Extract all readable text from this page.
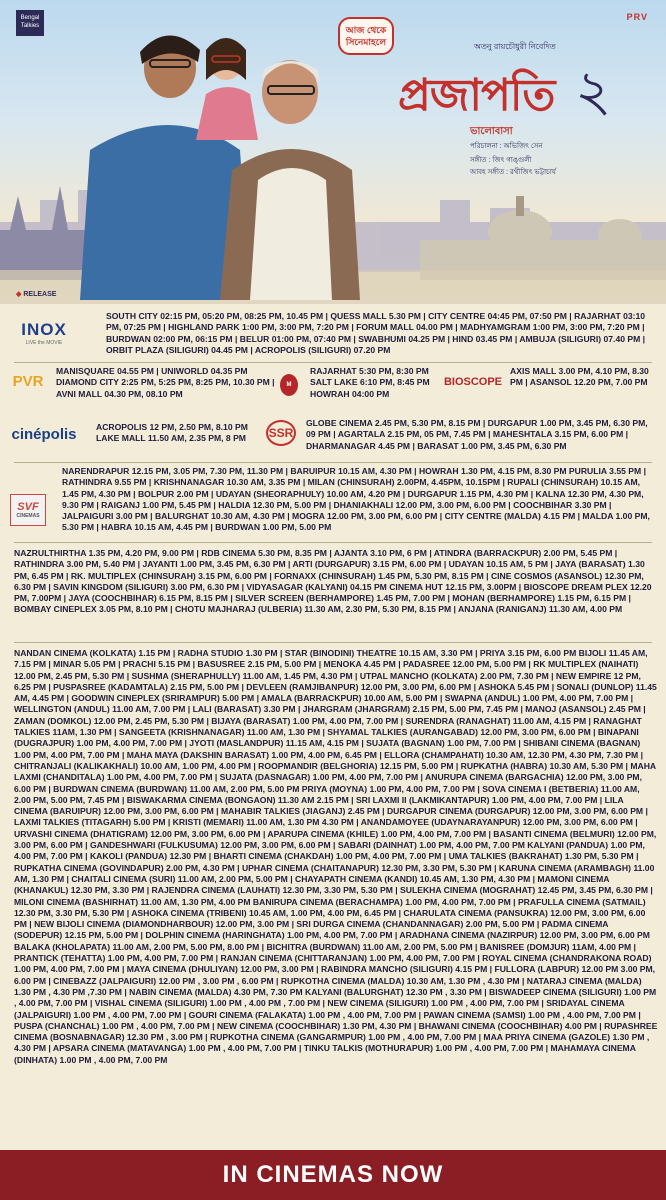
Bengal Talkies
PRV
আজ থেকে সিনেমাহলে	অতনু রায়চৌধুরী নিবেদিত
প্রজাপতি ২
ভালোবাসা
পরিচালনা : অভিজিৎ সেন
সঙ্গীত : জিৎ গাঙ্গুলী
আবহ সঙ্গীত : রথীজিৎ ভট্টাচার্য
◆ RELEASE
INOX
LIVE the MOVIE
SOUTH CITY 02:15 PM, 05:20 PM, 08:25 PM, 10.45 PM | QUESS MALL 5.30 PM | CITY CENTRE 04:45 PM, 07:50 PM | RAJARHAT 03:10 PM, 07:25 PM | HIGHLAND PARK 1:00 PM, 3:00 PM, 7:20 PM | FORUM MALL 04.00 PM | MADHYAMGRAM 1:00 PM, 3:00 PM, 7:20 PM | BURDWAN 02:00 PM, 06:15 PM | BELUR 01:00 PM, 07:40 PM | SWABHUMI 04.25 PM | HIND 03.45 PM | AMBUJA (SILIGURI) 07.40 PM | ORBIT PLAZA (SILIGURI) 04.45 PM | ACROPOLIS (SILIGURI) 07.20 PM
PVR
MANISQUARE 04.55 PM | UNIWORLD 04.35 PM DIAMOND CITY 2:25 PM, 5:25 PM, 8:25 PM, 10.30 PM | AVNI MALL 04.30 PM, 08.10 PM
M
RAJARHAT 5:30 PM, 8:30 PM SALT LAKE 6:10 PM, 8:45 PM HOWRAH 04:00 PM
BIOSCOPE
AXIS MALL 3.00 PM, 4.10 PM, 8.30 PM | ASANSOL 12.20 PM, 7.00 PM
cinépolis	ACROPOLIS 12 PM, 2.50 PM, 8.10 PM LAKE MALL 11.50 AM, 2.35 PM, 8 PM	SSR
GLOBE CINEMA 2.45 PM, 5.30 PM, 8.15 PM | DURGAPUR 1.00 PM, 3.45 PM, 6.30 PM, 09 PM | AGARTALA 2.15 PM, 05 PM, 7.45 PM | MAHESHTALA 3.15 PM, 6.00 PM | DHARMANAGAR 4.45 PM | BARASAT 1.00 PM, 3.45 PM, 6.30 PM
SVF
CINEMAS
NARENDRAPUR 12.15 PM, 3.05 PM, 7.30 PM, 11.30 PM | BARUIPUR 10.15 AM, 4.30 PM | HOWRAH 1.30 PM, 4.15 PM, 8.30 PM PURULIA 3.55 PM | RATHINDRA 9.55 PM | KRISHNANAGAR 10.30 AM, 3.35 PM | MILAN (CHINSURAH) 2.00PM, 4.45PM, 10.15PM | RUPALI (CHINSURAH) 10.15 AM, 1.45 PM, 4.30 PM | BOLPUR 2.00 PM | UDAYAN (SHEORAPHULY) 10.00 AM, 4.20 PM | DURGAPUR 1.15 PM, 4.30 PM | KALNA 12.30 PM, 4.30 PM, 9.30 PM | RAIGANJ 1.00 PM, 5.45 PM | HALDIA 12.30 PM, 5.00 PM | DHANIAKHALI 12.00 PM, 3.00 PM, 6.00 PM | COOCHBIHAR 3.30 PM | JALPAIGURI 3.00 PM | BALURGHAT 10.30 AM, 4.30 PM | MOGRA 12.00 PM, 3.00 PM, 6.00 PM | CITY CENTRE (MALDA) 4.15 PM | MALDA 1.00 PM, 5.30 PM | HABRA 10.15 AM, 4.45 PM | BURDWAN 1.00 PM, 5.00 PM
NAZRULTHIRTHA 1.35 PM, 4.20 PM, 9.00 PM | RDB CINEMA 5.30 PM, 8.35 PM | AJANTA 3.10 PM, 6 PM | ATINDRA (BARRACKPUR) 2.00 PM, 5.45 PM | RATHINDRA 3.00 PM, 5.40 PM | JAYANTI 1.00 PM, 3.45 PM, 6.30 PM | ARTI (DURGAPUR) 3.15 PM, 6.00 PM | UDAYAN 10.15 AM, 5 PM | JAYA (BARASAT) 1.30 PM, 6.45 PM | RK. MULTIPLEX (CHINSURAH) 3.15 PM, 6.00 PM | FORNAXX (CHINSURAH) 1.45 PM, 5.30 PM, 8.15 PM | CINE COSMOS (ASANSOL) 12.30 PM, 6.30 PM | SAVIN KINGDOM (SILIGURI) 3.00 PM, 6.30 PM | VIDYASAGAR (KALYANI) 04.15 PM CINEMA HUT 12.15 PM, 3.00PM | BIOSCOPE DREAM PLEX 12.20 PM, 7.00PM | JAYA (COOCHBIHAR) 6.15 PM, 8.15 PM | SILVER SCREEN (BERHAMPORE) 1.45 PM, 7.00 PM | MOHAN (BERHAMPORE) 1.15 PM, 6.15 PM | BOMBAY CINEPLEX 3.05 PM, 8.10 PM | CHOTU MAJHARAJ (ULBERIA) 11.30 AM, 2.30 PM, 5.30 PM, 8.15 PM | ANJANA (RANIGANJ) 11.30 AM, 4.00 PM
NANDAN CINEMA (KOLKATA) 1.15 PM | RADHA STUDIO 1.30 PM | STAR (BINODINI) THEATRE 10.15 AM, 3.30 PM | PRIYA 3.15 PM, 6.00 PM BIJOLI 11.45 AM, 7.15 PM | MINAR 5.05 PM | PRACHI 5.15 PM | BASUSREE 2.15 PM, 5.00 PM | MENOKA 4.45 PM | PADASREE 12.00 PM, 5.00 PM | RK MULTIPLEX (NAIHATI) 12.00 PM, 2.45 PM, 5.30 PM | SUSHMA (SHERAPHULLY) 11.00 AM, 1.45 PM, 4.30 PM | UTPAL MANCHO (KOLKATA) 2.00 PM, 7.30 PM | NEW EMPIRE 12 PM, 6.25 PM | PUSPASREE (KADAMTALA) 2.15 PM, 5.00 PM | DEVLEEN (RAMJIBANPUR) 12.00 PM, 3.00 PM, 6.00 PM | ASHOKA 5.45 PM | SONALI (DUNLOP) 11.45 AM, 4.45 PM | GOODWIN CINEPLEX (SRIRAMPUR) 5.00 PM | AMALA (BARRACKPUR) 10.00 AM, 5.00 PM | SWAPNA (ANDUL) 1.00 PM, 4.00 PM, 7.00 PM | WELLINGTON (ANDUL) 11.00 AM, 7.00 PM | LALI (BARASAT) 3.30 PM | JHARGRAM (JHARGRAM) 2.15 PM, 5.00 PM, 7.45 PM | MANOJ (ASANSOL) 2.45 PM | ZAMAN (DOMKOL) 12.00 PM, 2.45 PM, 5.30 PM | BIJAYA (BARASAT) 1.00 PM, 4.00 PM, 7.00 PM | SURENDRA (RANAGHAT) 11.00 AM, 4.15 PM | RANAGHAT TALKIES 11AM, 1.30 PM | SANGEETA (KRISHNANAGAR) 11.00 AM, 1.30 PM | SHYAMAL TALKIES (AURANGABAD) 12.00 PM, 3.00 PM, 6.00 PM | BINAPANI (DUGRAJPUR) 1.00 PM, 4.00 PM, 7.00 PM | JYOTI (MASLANDPUR) 11.15 AM, 4.15 PM | SUJATA (BAGNAN) 1.00 PM, 7.00 PM | SHIBANI CINEMA (BAGNAN) 1.00 PM, 4.00 PM, 7.00 PM | MAHA MAYA (DAKSHIN BARASAT) 1.00 PM, 4.00 PM, 6.45 PM | ELLORA (CHAMPAHATI) 10.30 AM, 12.30 PM, 4.30 PM, 7.30 PM | CHITRANJALI (KALIKAKHALI) 10.00 AM, 1.00 PM, 4.00 PM | ROOPMANDIR (BELGHORIA) 12.15 PM, 5.00 PM | RUPKATHA (HABRA) 10.30 AM, 5.30 PM | MAHA LAXMI (CHANDITALA) 1.00 PM, 4.00 PM, 7.00 PM | SUJATA (DASNAGAR) 1.00 PM, 4.00 PM, 7.00 PM | ANURUPA CINEMA (BARGACHIA) 12.00 PM, 3.00 PM, 6.00 PM | BURDWAN CINEMA (BURDWAN) 11.00 AM, 2.00 PM, 5.00 PM PRIYA (MOYNA) 1.00 PM, 4.00 PM, 7.00 PM | SOVA CINEMA I (BETBERIA) 11.00 AM, 2.00 PM, 5.00 PM, 7.45 PM | BISWAKARMA CINEMA (BONGAON) 11.30 AM 2.15 PM | SRI LAXMI II (LAKMIKANTAPUR) 1.00 PM, 4.00 PM, 7.00 PM | LILA CINEMA (BARUIPUR) 12.00 PM, 3.00 PM, 6.00 PM | MAHABIR TALKIES (JIAGANJ) 2.45 PM | DURGAPUR CINEMA (DURGAPUR) 12.00 PM, 3.00 PM, 6.00 PM | LAXMI TALKIES (TITAGARH) 5.00 PM | KRISTI (MEMARI) 11.00 AM, 1.30 PM 4.30 PM | ANANDAMOYEE (UDAYNARAYANPUR) 12.00 PM, 3.00 PM, 6.00 PM | URVASHI CINEMA (DHATIGRAM) 12.00 PM, 3.00 PM, 6.00 PM | APARUPA CINEMA (KHILE) 1.00 PM, 4.00 PM, 7.00 PM | BASANTI CINEMA (BELMURI) 12.00 PM, 3.00 PM, 6.00 PM | GANDESHWARI (FULKUSUMA) 12.00 PM, 3.00 PM, 6.00 PM | SABARI (DAINHAT) 1.00 PM, 4.00 PM, 7.00 PM KALYANI (PANDUA) 1.00 PM, 4.00 PM, 7.00 PM | KAKOLI (PANDUA) 12.30 PM | BHARTI CINEMA (CHAKDAH) 1.00 PM, 4.00 PM, 7.00 PM | UMA TALKIES (BAKRAHAT) 1.30 PM, 5.30 PM | RUPKATHA CINEMA (GOVINDAPUR) 2.00 PM, 4.30 PM | UPHAR CINEMA (CHAITANAPUR) 12.30 PM, 3.30 PM, 5.30 PM | KARUNA CINEMA (ARAMBAGH) 11.00 AM, 1.30 PM | CHAITALI CINEMA (SURI) 11.00 AM, 2.00 PM, 5.00 PM | CHAYAPATH CINEMA (KANDI) 10.45 AM, 1.30 PM, 4.30 PM | MAMONI CINEMA (KHANAKUL) 12.30 PM, 3.30 PM | RAJENDRA CINEMA (LAUHATI) 12.30 PM, 3.30 PM, 5.30 PM | SULEKHA CINEMA (MOGRAHAT) 12.45 PM, 3.45 PM, 6.30 PM | MILONI CINEMA (BASHIRHAT) 11.00 AM, 1.30 PM, 4.00 PM BANIRUPA CINEMA (BERACHAMPA) 1.00 PM, 4.00 PM, 7.00 PM | PRAFULLA CINEMA (SATMAIL) 12.30 PM, 3.30 PM, 5.30 PM | ASHOKA CINEMA (TRIBENI) 10.45 AM, 1.00 PM, 4.00 PM, 6.45 PM | CHARULATA CINEMA (PANSUKRA) 12.00 PM, 3.00 PM, 6.00 PM | NEW BIJOLI CINEMA (DIAMONDHARBOUR) 12.00 PM, 3.00 PM | SRI DURGA CINEMA (CHANDANNAGAR) 2.00 PM, 5.00 PM | PADMA CINEMA (SODEPUR) 12.15 PM, 5.00 PM | DOLPHIN CINEMA (HARINGHATA) 1.00 PM, 4.00 PM, 7.00 PM | ARADHANA CINEMA (NAZIRPUR) 12.00 PM, 3.00 PM, 6.00 PM BALAKA (KHOLAPATA) 11.00 AM, 2.00 PM, 5.00 PM, 8.00 PM | BICHITRA (BURDWAN) 11.00 AM, 2.00 PM, 5.00 PM | BANISREE (DOMJUR) 11AM, 4.00 PM | PRANTICK (TEHATTA) 1.00 PM, 4.00 PM, 7.00 PM | RANJAN CINEMA (CHITTARANJAN) 1.00 PM, 4.00 PM, 7.00 PM | ROYAL CINEMA (CHANDRAKONA ROAD) 1.00 PM, 4.00 PM, 7.00 PM | MAYA CINEMA (DHULIYAN) 12.00 PM, 3.00 PM | RABINDRA MANCHO (SILIGURI) 4.15 PM | FULLORA (LABPUR) 12.00 PM 3.00 PM, 6.00 PM | CINEBAZZ (JALPAIGURI) 12.00 PM , 3.00 PM , 6.00 PM | RUPKOTHA CINEMA (MALDA) 10.30 AM, 1.30 PM , 4.30 PM | NATARAJ CINEMA (MALDA) 1.30 PM , 4.30 PM ,7.30 PM | NABIN CINEMA (MALDA) 4.30 PM, 7.30 PM KALYANI (BALURGHAT) 12.30 PM , 3.30 PM | BISWADEEP CINEMA (SILIGURI) 1.00 PM , 4.00 PM, 7.00 PM | VISHAL CINEMA (SILIGURI) 1.00 PM , 4.00 PM , 7.00 PM | NEW CINEMA (SILIGURI) 1.00 PM , 4.00 PM, 7.00 PM | SRIDAYAL CINEMA (JALPAIGURI) 1.00 PM , 4.00 PM, 7.00 PM | GOURI CINEMA (FALAKATA) 1.00 PM , 4.00 PM, 7.00 PM | PAWAN CINEMA (SAMSI) 1.00 PM , 4.00 PM, 7.00 PM | PUSPA (CHANCHAL) 1.00 PM , 4.00 PM, 7.00 PM | NEW CINEMA (COOCHBIHAR) 1.30 PM, 4.30 PM | BHAWANI CINEMA (COOCHBIHAR) 4.00 PM | RUPASHREE CINEMA (BOSNABNAGAR) 12.30 PM , 3.00 PM | RUPKOTHA CINEMA (GANGARMPUR) 1.00 PM , 4.00 PM, 7.00 PM | MAA PRIYA CINEMA (GAZOLE) 1.30 PM , 4.30 PM | APSARA CINEMA (MATAVANGA) 1.00 PM , 4.00 PM, 7.00 PM | TINKU TALKIS (MOTHURAPUR) 1.00 PM , 4.00 PM, 7.00 PM | MAHAMAYA CINEMA (DINHATA) 1.00 PM , 4.00 PM, 7.00 PM
IN CINEMAS NOW
